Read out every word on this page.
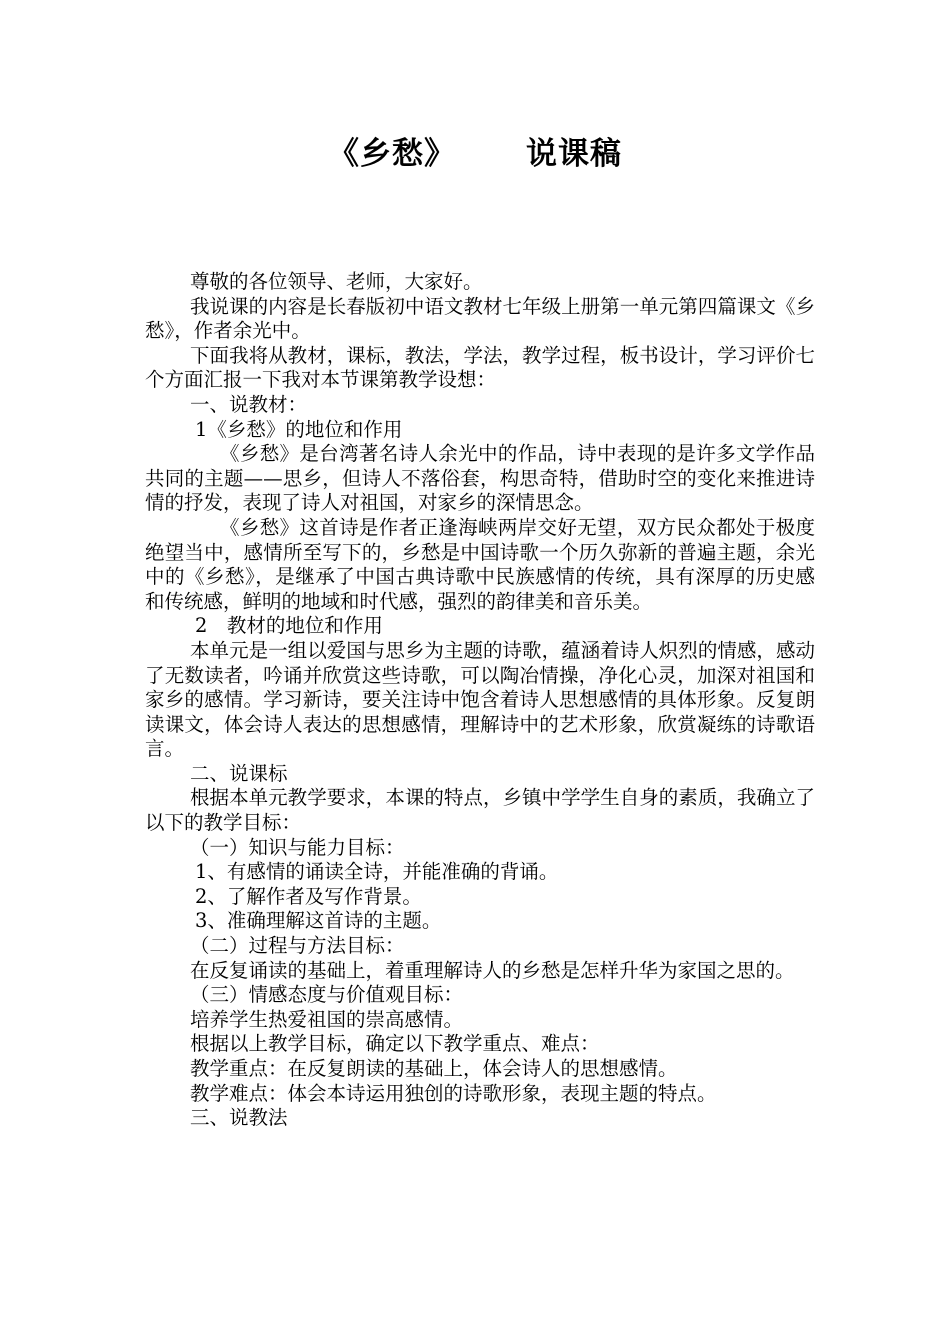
《乡愁》 说课稿

尊敬的各位领导、老师，大家好。

我说课的内容是长春版初中语文教材七年级上册第一单元第四篇课文《乡愁》，作者余光中。

下面我将从教材，课标，教法，学法，教学过程，板书设计，学习评价七个方面汇报一下我对本节课第教学设想：

一、说教材：

1《乡愁》的地位和作用

《乡愁》是台湾著名诗人余光中的作品，诗中表现的是许多文学作品共同的主题——思乡，但诗人不落俗套，构思奇特，借助时空的变化来推进诗情的抒发，表现了诗人对祖国，对家乡的深情思念。

《乡愁》这首诗是作者正逢海峡两岸交好无望，双方民众都处于极度绝望当中，感情所至写下的，乡愁是中国诗歌一个历久弥新的普遍主题，余光中的《乡愁》，是继承了中国古典诗歌中民族感情的传统，具有深厚的历史感和传统感，鲜明的地域和时代感，强烈的韵律美和音乐美。

2　教材的地位和作用

本单元是一组以爱国与思乡为主题的诗歌，蕴涵着诗人炽烈的情感，感动了无数读者，吟诵并欣赏这些诗歌，可以陶冶情操，净化心灵，加深对祖国和家乡的感情。学习新诗，要关注诗中饱含着诗人思想感情的具体形象。反复朗读课文，体会诗人表达的思想感情，理解诗中的艺术形象，欣赏凝练的诗歌语言。

二、说课标

根据本单元教学要求，本课的特点，乡镇中学学生自身的素质，我确立了以下的教学目标：

（一）知识与能力目标：

1、有感情的诵读全诗，并能准确的背诵。

2、了解作者及写作背景。

3、准确理解这首诗的主题。

（二）过程与方法目标：

在反复诵读的基础上，着重理解诗人的乡愁是怎样升华为家国之思的。

（三）情感态度与价值观目标：

培养学生热爱祖国的崇高感情。

根据以上教学目标，确定以下教学重点、难点：

教学重点：在反复朗读的基础上，体会诗人的思想感情。

教学难点：体会本诗运用独创的诗歌形象，表现主题的特点。

三、说教法
